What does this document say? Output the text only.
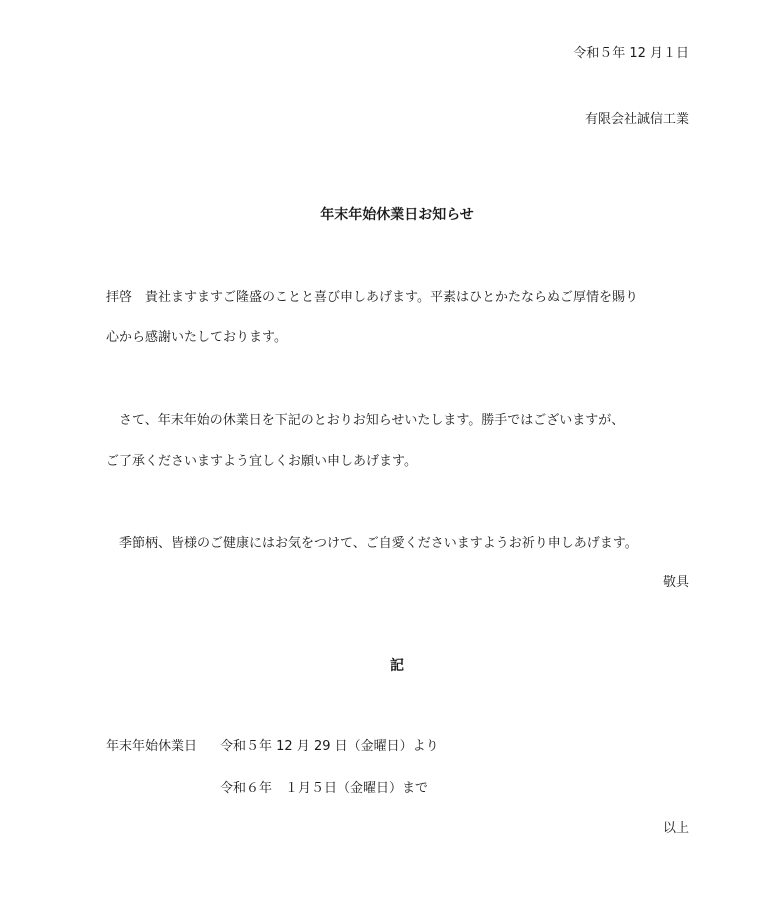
令和５年 12 月１日
有限会社誠信工業
年末年始休業日お知らせ
拝啓　貴社ますますご隆盛のことと喜び申しあげます。平素はひとかたならぬご厚情を賜り
心から感謝いたしております。
　さて、年末年始の休業日を下記のとおりお知らせいたします。勝手ではございますが、
ご了承くださいますよう宜しくお願い申しあげます。
　季節柄、皆様のご健康にはお気をつけて、ご自愛くださいますようお祈り申しあげます。
敬具
記
年末年始休業日 令和５年 12 月 29 日（金曜日）より
令和６年　１月５日（金曜日）まで
以上
